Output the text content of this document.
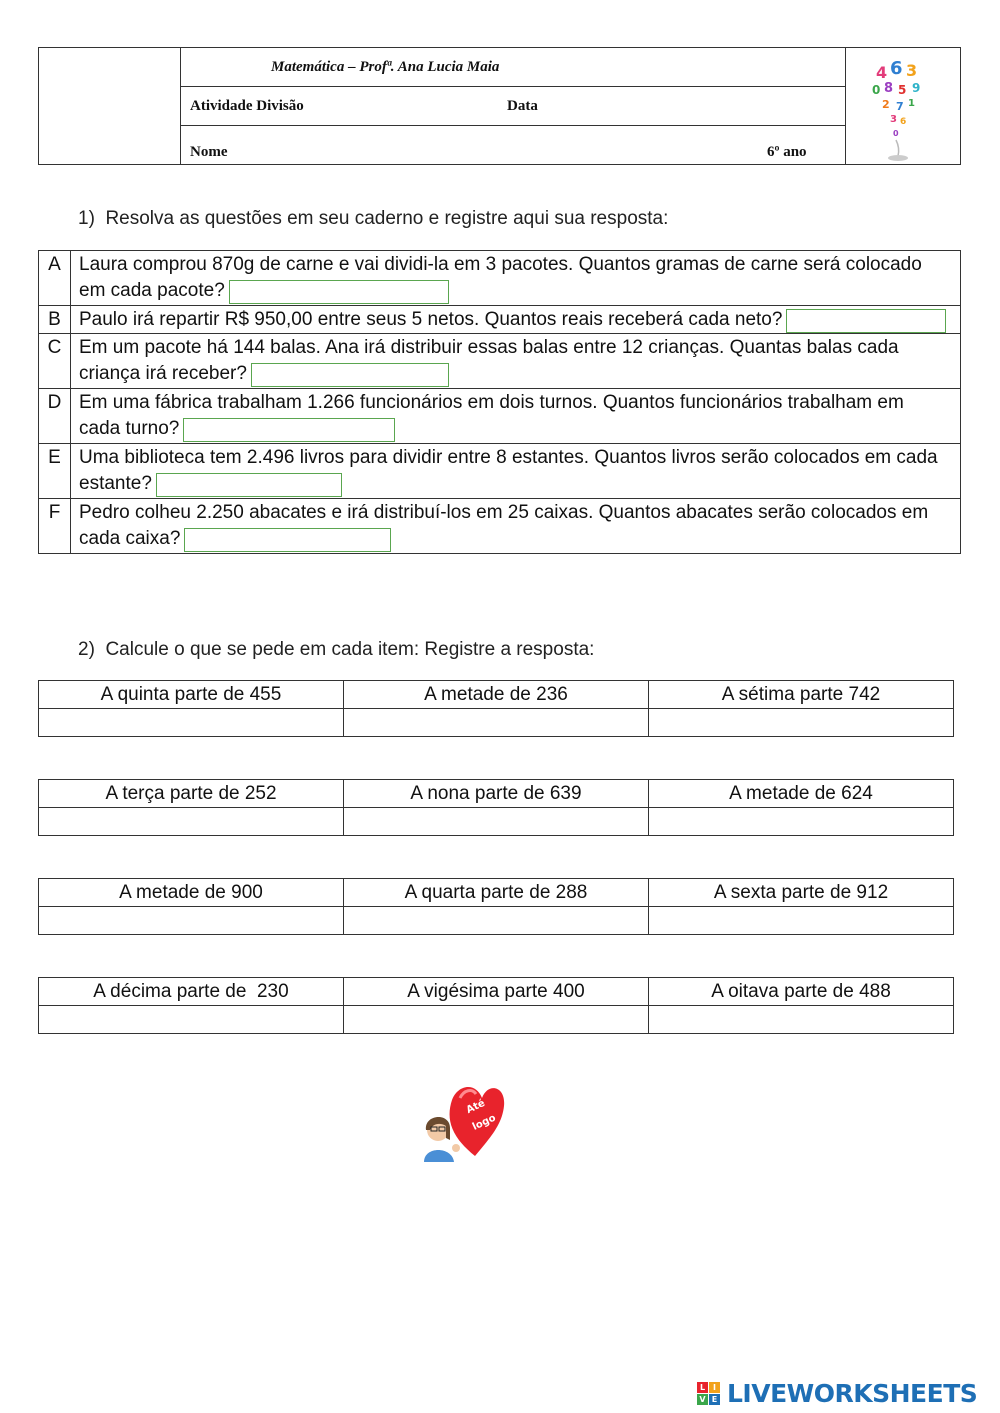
Matemática – Profª. Ana Lucia Maia
Atividade Divisão	Data
Nome	6º ano
4 6 3
0 8 5 9
2 7 1
3 6
0
1)  Resolva as questões em seu caderno e registre aqui sua resposta:
A	Laura comprou 870g de carne e vai dividi-la em 3 pacotes. Quantos gramas de carne será colocado
em cada pacote?

B	Paulo irá repartir R$ 950,00 entre seus 5 netos. Quantos reais receberá cada neto?

C	Em um pacote há 144 balas. Ana irá distribuir essas balas entre 12 crianças. Quantas balas cada
criança irá receber?

D	Em uma fábrica trabalham 1.266 funcionários em dois turnos. Quantos funcionários trabalham em
cada turno?

E	Uma biblioteca tem 2.496 livros para dividir entre 8 estantes. Quantos livros serão colocados em cada
estante?

F	Pedro colheu 2.250 abacates e irá distribuí-los em 25 caixas. Quantos abacates serão colocados em
cada caixa?
2)  Calcule o que se pede em cada item: Registre a resposta:
A quinta parte de 455	A metade de 236	A sétima parte 742

A terça parte de 252	A nona parte de 639	A metade de 624

A metade de 900	A quarta parte de 288	A sexta parte de 912

A décima parte de  230	A vigésima parte 400	A oitava parte de 488

Até
logo
L I
V E LIVEWORKSHEETS
